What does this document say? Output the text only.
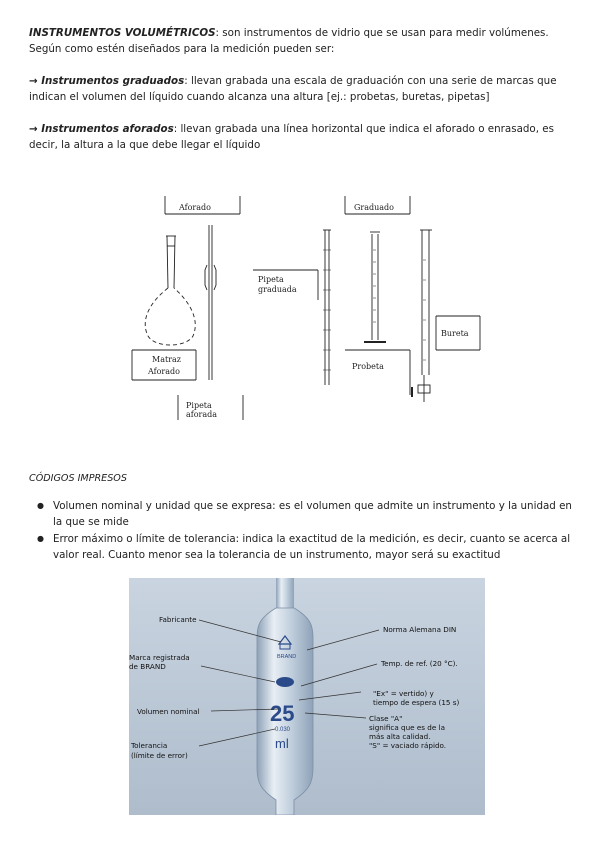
INSTRUMENTOS VOLUMÉTRICOS: son instrumentos de vidrio que se usan para medir volúmenes. Según como estén diseñados para la medición pueden ser:
→ Instrumentos graduados: llevan grabada una escala de graduación con una serie de marcas que indican el volumen del líquido cuando alcanza una altura [ej.: probetas, buretas, pipetas]
→ Instrumentos aforados: llevan grabada una línea horizontal que indica el aforado o enrasado, es decir, la altura a la que debe llegar el líquido
Aforado	Graduado
Matraz
Aforado
Pipeta
aforada
Pipeta
graduada
Probeta
Bureta
CÓDIGOS IMPRESOS
● Volumen nominal y unidad que se expresa: es el volumen que admite un instrumento y la unidad en la que se mide
● Error máximo o límite de tolerancia: indica la exactitud de la medición, es decir, cuanto se acerca al valor real. Cuanto menor sea la tolerancia de un instrumento, mayor será su exactitud
BRAND
25
0.030
ml
Fabricante
Marca registrada
de BRAND
Volumen nominal
Tolerancia
(límite de error)
Norma Alemana DIN
Temp. de ref. (20 °C).
"Ex" = vertido) y
tiempo de espera (15 s)
Clase "A"
significa que es de la
más alta calidad.
"S" = vaciado rápido.
